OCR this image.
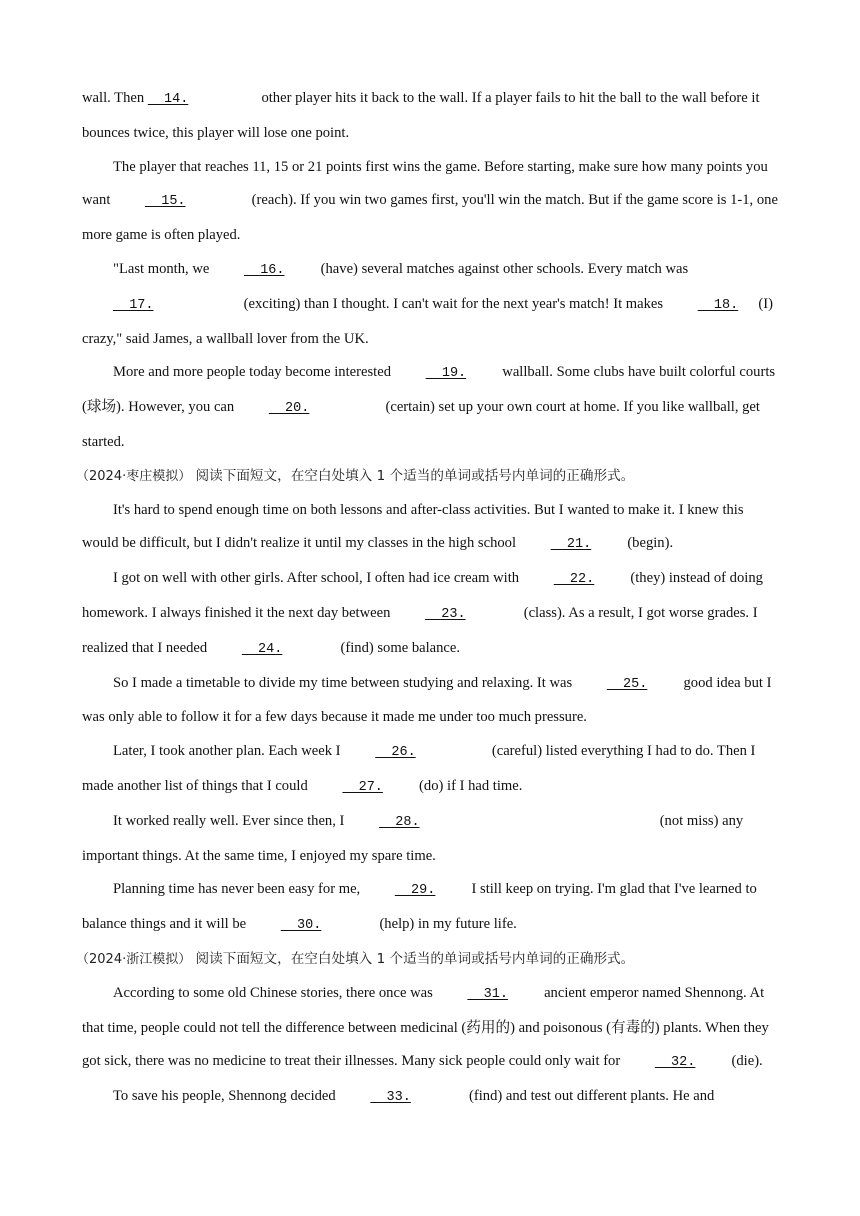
wall. Then   14.	other player hits it back to the wall. If a player fails to hit the ball to the wall before it bounces twice, this player will lose one point.

The player that reaches 11, 15 or 21 points first wins the game. Before starting, make sure how many points you want   15.	(reach). If you win two games first, you'll win the match. But if the game score is 1-1, one more game is often played.

"Last month, we   16. (have) several matches against other schools. Every match was   17.	(exciting) than I thought. I can't wait for the next year's match! It makes   18. (I) crazy," said James, a wallball lover from the UK.

More and more people today become interested   19. wallball. Some clubs have built colorful courts (球场). However, you can   20.	(certain) set up your own court at home. If you like wallball, get started.

（2024·枣庄模拟） 阅读下面短文，在空白处填入 1 个适当的单词或括号内单词的正确形式。

It's hard to spend enough time on both lessons and after-class activities. But I wanted to make it. I knew this would be difficult, but I didn't realize it until my classes in the high school   21. (begin).

I got on well with other girls. After school, I often had ice cream with   22. (they) instead of doing homework. I always finished it the next day between   23.	(class). As a result, I got worse grades. I realized that I needed   24.	(find) some balance.

So I made a timetable to divide my time between studying and relaxing. It was   25. good idea but I was only able to follow it for a few days because it made me under too much pressure.

Later, I took another plan. Each week I   26.	(careful) listed everything I had to do. Then I made another list of things that I could   27. (do) if I had time.

It worked really well. Ever since then, I   28.	(not miss) any important things. At the same time, I enjoyed my spare time.

Planning time has never been easy for me,   29. I still keep on trying. I'm glad that I've learned to balance things and it will be   30.	(help) in my future life.

（2024·浙江模拟） 阅读下面短文，在空白处填入 1 个适当的单词或括号内单词的正确形式。

According to some old Chinese stories, there once was   31. ancient emperor named Shennong. At that time, people could not tell the difference between medicinal (药用的) and poisonous (有毒的) plants. When they got sick, there was no medicine to treat their illnesses. Many sick people could only wait for   32. (die).

To save his people, Shennong decided   33.	(find) and test out different plants. He and
